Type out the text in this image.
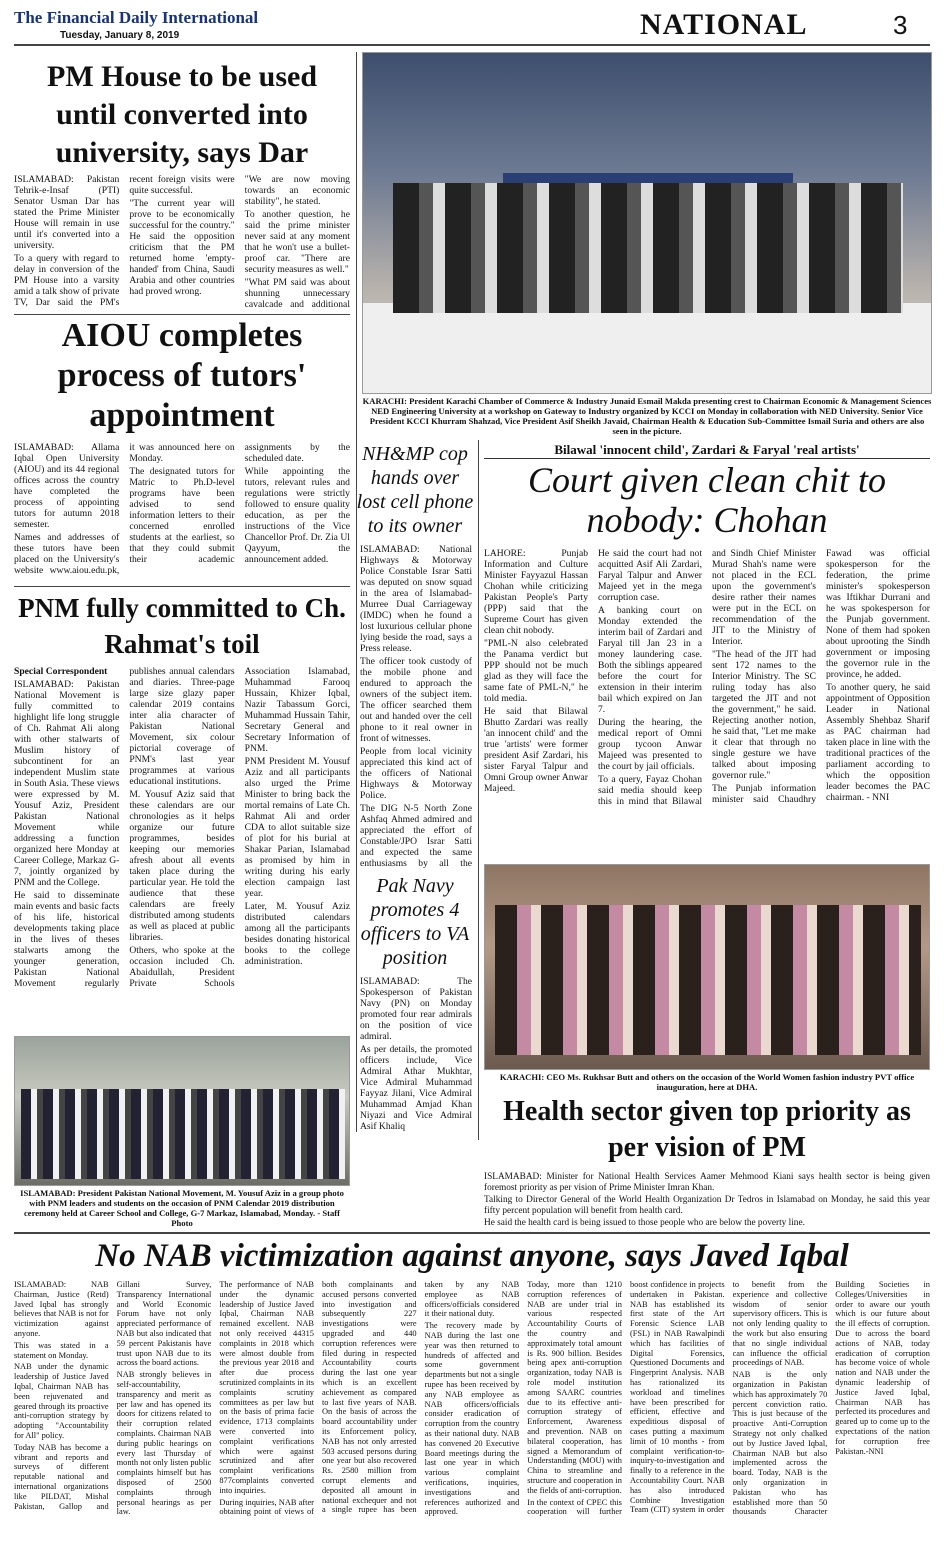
The Financial Daily International
Tuesday, January 8, 2019	NATIONAL	3
PM House to be used until converted into university, says Dar

ISLAMABAD: Pakistan Tehrik-e-Insaf (PTI) Senator Usman Dar has stated the Prime Minister House will remain in use until it's converted into a university.

To a query with regard to delay in conversion of the PM House into a varsity amid a talk show of private TV, Dar said the PM's recent foreign visits were quite successful.

"The current year will prove to be economically successful for the country." He said the opposition criticism that the PM returned home 'empty-handed' from China, Saudi Arabia and other countries had proved wrong.

"We are now moving towards an economic stability", he stated.

To another question, he said the prime minister never said at any moment that he won't use a bullet-proof car. "There are security measures as well."

"What PM said was about shunning unnecessary cavalcade and additional

KARACHI: President Karachi Chamber of Commerce & Industry Junaid Esmail Makda presenting crest to Chairman Economic & Management Sciences NED Engineering University at a workshop on Gateway to Industry organized by KCCI on Monday in collaboration with NED University. Senior Vice President KCCI Khurram Shahzad, Vice President Asif Sheikh Javaid, Chairman Health & Education Sub-Committee Ismail Suria and others are also seen in the picture.
AIOU completes process of tutors' appointment

ISLAMABAD: Allama Iqbal Open University (AIOU) and its 44 regional offices across the country have completed the process of appointing tutors for autumn 2018 semester.

Names and addresses of these tutors have been placed on the University's website www.aiou.edu.pk, it was announced here on Monday.

The designated tutors for Matric to Ph.D-level programs have been advised to send information letters to their concerned enrolled students at the earliest, so that they could submit their academic assignments by the scheduled date.

While appointing the tutors, relevant rules and regulations were strictly followed to ensure quality education, as per the instructions of the Vice Chancellor Prof. Dr. Zia Ul Qayyum, the announcement added.

NH&MP cop hands over lost cell phone to its owner

ISLAMABAD: National Highways & Motorway Police Constable Israr Satti was deputed on snow squad in the area of Islamabad-Murree Dual Carriageway (IMDC) when he found a lost luxurious cellular phone lying beside the road, says a Press release.

The officer took custody of the mobile phone and endured to approach the owners of the subject item. The officer searched them out and handed over the cell phone to it real owner in front of witnesses.

People from local vicinity appreciated this kind act of the officers of National Highways & Motorway Police.

The DIG N-5 North Zone Ashfaq Ahmed admired and appreciated the effort of Constable/JPO Israr Satti and expected the same enthusiasms by all the

Bilawal 'innocent child', Zardari & Faryal 'real artists'
Court given clean chit to nobody: Chohan

LAHORE: Punjab Information and Culture Minister Fayyazul Hassan Chohan while criticizing Pakistan People's Party (PPP) said that the Supreme Court has given clean chit nobody.

"PML-N also celebrated the Panama verdict but PPP should not be much glad as they will face the same fate of PML-N," he told media.

He said that Bilawal Bhutto Zardari was really 'an innocent child' and the true 'artists' were former president Asif Zardari, his sister Faryal Talpur and Omni Group owner Anwar Majeed.

He said the court had not acquitted Asif Ali Zardari, Faryal Talpur and Anwer Majeed yet in the mega corruption case.

A banking court on Monday extended the interim bail of Zardari and Faryal till Jan 23 in a money laundering case. Both the siblings appeared before the court for extension in their interim bail which expired on Jan 7.

During the hearing, the medical report of Omni group tycoon Anwar Majeed was presented to the court by jail officials.

To a query, Fayaz Chohan said media should keep this in mind that Bilawal and Sindh Chief Minister Murad Shah's name were not placed in the ECL upon the government's desire rather their names were put in the ECL on recommendation of the JIT to the Ministry of Interior.

"The head of the JIT had sent 172 names to the Interior Ministry. The SC ruling today has also targeted the JIT and not the government," he said. Rejecting another notion, he said that, "Let me make it clear that through no single gesture we have talked about imposing governor rule."

The Punjab information minister said Chaudhry Fawad was official spokesperson for the federation, the prime minister's spokesperson was Iftikhar Durrani and he was spokesperson for the Punjab government. None of them had spoken about uprooting the Sindh government or imposing the governor rule in the province, he added.

To another query, he said appointment of Opposition Leader in National Assembly Shehbaz Sharif as PAC chairman had taken place in line with the traditional practices of the parliament according to which the opposition leader becomes the PAC chairman. - NNI

PNM fully committed to Ch. Rahmat's toil

Special Correspondent

ISLAMABAD: Pakistan National Movement is fully committed to highlight life long struggle of Ch. Rahmat Ali along with other stalwarts of Muslim history of subcontinent for an independent Muslim state in South Asia. These views were expressed by M. Yousuf Aziz, President Pakistan National Movement while addressing a function organized here Monday at Career College, Markaz G-7, jointly organized by PNM and the College.

He said to disseminate main events and basic facts of his life, historical developments taking place in the lives of theses stalwarts among the younger generation, Pakistan National Movement regularly publishes annual calendars and diaries. Three-page large size glazy paper calendar 2019 contains inter alia character of Pakistan National Movement, six colour pictorial coverage of PNM's last year programmes at various educational institutions.

M. Yousuf Aziz said that these calendars are our chronologies as it helps organize our future programmes, besides keeping our memories afresh about all events taken place during the particular year. He told the audience that these calendars are freely distributed among students as well as placed at public libraries.

Others, who spoke at the occasion included Ch. Abaidullah, President Private Schools Association Islamabad, Muhammad Farooq Hussain, Khizer Iqbal, Nazir Tabassum Gorci, Muhammad Hussain Tahir, Secretary General and Secretary Information of PNM.

PNM President M. Yousuf Aziz and all participants also urged the Prime Minister to bring back the mortal remains of Late Ch. Rahmat Ali and order CDA to allot suitable size of plot for his burial at Shakar Parian, Islamabad as promised by him in writing during his early election campaign last year.

Later, M. Yousuf Aziz distributed calendars among all the participants besides donating historical books to the college administration.

Pak Navy promotes 4 officers to VA position

ISLAMABAD: The Spokesperson of Pakistan Navy (PN) on Monday promoted four rear admirals on the position of vice admiral.

As per details, the promoted officers include, Vice Admiral Athar Mukhtar, Vice Admiral Muhammad Fayyaz Jilani, Vice Admiral Muhammad Amjad Khan Niyazi and Vice Admiral Asif Khaliq

KARACHI: CEO Ms. Rukhsar Butt and others on the occasion of the World Women fashion industry PVT office inauguration, here at DHA.
Health sector given top priority as per vision of PM

ISLAMABAD: Minister for National Health Services Aamer Mehmood Kiani says health sector is being given foremost priority as per vision of Prime Minister Imran Khan.

Talking to Director General of the World Health Organization Dr Tedros in Islamabad on Monday, he said this year fifty percent population will benefit from health card.

He said the health card is being issued to those people who are below the poverty line.

ISLAMABAD: President Pakistan National Movement, M. Yousuf Aziz in a group photo with PNM leaders and students on the occasion of PNM Calendar 2019 distribution ceremony held at Career School and College, G-7 Markaz, Islamabad, Monday. - Staff Photo
No NAB victimization against anyone, says Javed Iqbal

ISLAMABAD: NAB Chairman, Justice (Retd) Javed Iqbal has strongly believes that NAB is not for victimization against anyone.

This was stated in a statement on Monday.

NAB under the dynamic leadership of Justice Javed Iqbal, Chairman NAB has been rejuvenated and geared through its proactive anti-corruption strategy by adopting "Accountability for All" policy.

Today NAB has become a vibrant and reports and surveys of different reputable national and international organizations like PILDAT, Mishal Pakistan, Gallop and Gillani Survey, Transparency International and World Economic Forum have not only appreciated performance of NAB but also indicated that 59 percent Pakistanis have trust upon NAB due to its across the board actions.

NAB strongly believes in self-accountability, transparency and merit as per law and has opened its doors for citizens related to their corruption related complaints. Chairman NAB during public hearings on every last Thursday of month not only listen public complaints himself but has disposed of 2500 complaints through personal hearings as per law.

The performance of NAB under the dynamic leadership of Justice Javed Iqbal, Chairman NAB remained excellent. NAB not only received 44315 complaints in 2018 which were almost double from the previous year 2018 and after due process scrutinized complaints in its complaints scrutiny committees as per law but on the basis of prima facie evidence, 1713 complaints were converted into complaint verifications which were against scrutinized and after complaint verifications 877complaints converted into inquiries.

During inquiries, NAB after obtaining point of views of both complainants and accused persons converted into investigation and subsequently 227 investigations were upgraded and 440 corruption references were filed during in respected Accountability courts during the last one year which is an excellent achievement as compared to last five years of NAB. On the basis of across the board accountability under its Enforcement policy, NAB has not only arrested 503 accused persons during one year but also recovered Rs. 2580 million from corrupt elements and deposited all amount in national exchequer and not a single rupee has been taken by any NAB employee as NAB officers/officials considered it their national duty.

The recovery made by NAB during the last one year was then returned to hundreds of affected and some government departments but not a single rupee has been received by any NAB employee as NAB officers/officials consider eradication of corruption from the country as their national duty. NAB has convened 20 Executive Board meetings during the last one year in which various complaint verifications, inquiries, investigations and references authorized and approved.

Today, more than 1210 corruption references of NAB are under trial in various respected Accountability Courts of the country and approximately total amount is Rs. 900 billion. Besides being apex anti-corruption organization, today NAB is role model institution among SAARC countries due to its effective anti-corruption strategy of Enforcement, Awareness and prevention. NAB on bilateral cooperation, has signed a Memorandum of Understanding (MOU) with China to streamline and structure and cooperation in the fields of anti-corruption.

In the context of CPEC this cooperation will further boost confidence in projects undertaken in Pakistan. NAB has established its first state of the Art Forensic Science LAB (FSL) in NAB Rawalpindi which has facilities of Digital Forensics, Questioned Documents and Fingerprint Analysis. NAB has rationalized its workload and timelines have been prescribed for efficient, effective and expeditious disposal of cases putting a maximum limit of 10 months - from complaint verification-to-inquiry-to-investigation and finally to a reference in the Accountability Court. NAB has also introduced Combine Investigation Team (CIT) system in order to benefit from the experience and collective wisdom of senior supervisory officers. This is not only lending quality to the work but also ensuring that no single individual can influence the official proceedings of NAB.

NAB is the only organization in Pakistan which has approximately 70 percent conviction ratio. This is just because of the proactive Anti-Corruption Strategy not only chalked out by Justice Javed Iqbal, Chairman NAB but also implemented across the board. Today, NAB is the only organization in Pakistan who has established more than 50 thousands Character Building Societies in Colleges/Universities in order to aware our youth which is our future about the ill effects of corruption. Due to across the board actions of NAB, today eradication of corruption has become voice of whole nation and NAB under the dynamic leadership of Justice Javed Iqbal, Chairman NAB has perfected its procedures and geared up to come up to the expectations of the nation for corruption free Pakistan.-NNI
